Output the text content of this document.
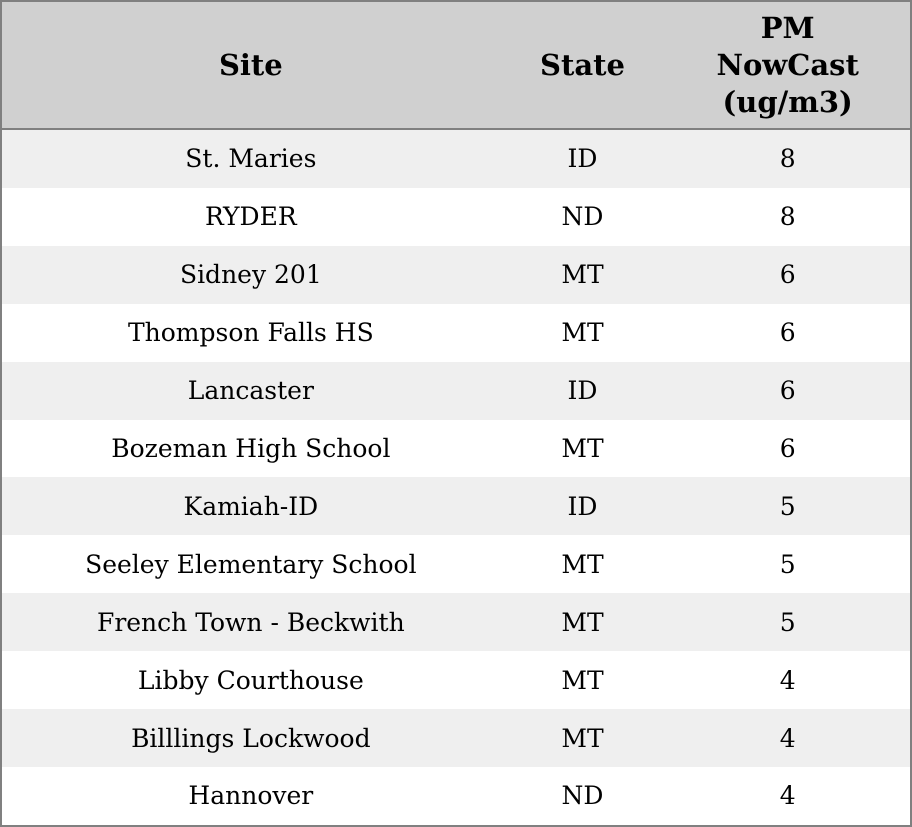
Site	State	PM
NowCast
(ug/m3)

St. Maries	ID	8
RYDER	ND	8
Sidney 201	MT	6
Thompson Falls HS	MT	6
Lancaster	ID	6
Bozeman High School	MT	6
Kamiah-ID	ID	5
Seeley Elementary School	MT	5
French Town - Beckwith	MT	5
Libby Courthouse	MT	4
Billlings Lockwood	MT	4
Hannover	ND	4
